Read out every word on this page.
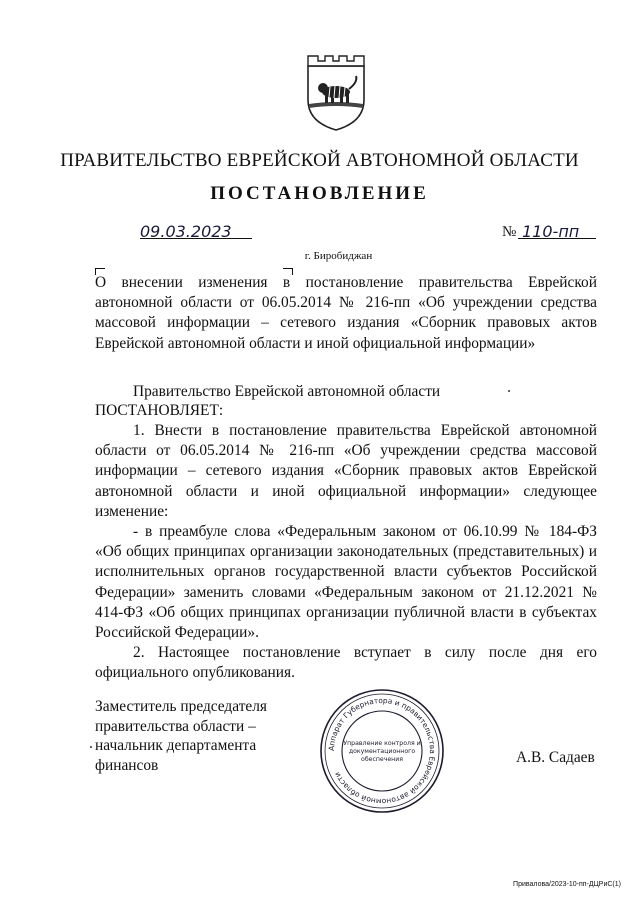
ПРАВИТЕЛЬСТВО ЕВРЕЙСКОЙ АВТОНОМНОЙ ОБЛАСТИ
ПОСТАНОВЛЕНИЕ
09.03.2023	№ 110-пп
г. Биробиджан
О внесении изменения в постановление правительства Еврейской автономной области от 06.05.2014 № 216-пп «Об учреждении средства массовой информации – сетевого издания «Сборник правовых актов Еврейской автономной области и иной официальной информации»
Правительство Еврейской автономной области
ПОСТАНОВЛЯЕТ:
1. Внести в постановление правительства Еврейской автономной области от 06.05.2014 № 216-пп «Об учреждении средства массовой информации – сетевого издания «Сборник правовых актов Еврейской автономной области и иной официальной информации» следующее изменение:
- в преамбуле слова «Федеральным законом от 06.10.99 № 184-ФЗ «Об общих принципах организации законодательных (представительных) и исполнительных органов государственной власти субъектов Российской Федерации» заменить словами «Федеральным законом от 21.12.2021 № 414-ФЗ «Об общих принципах организации публичной власти в субъектах Российской Федерации».
2. Настоящее постановление вступает в силу после дня его официального опубликования.
Заместитель председателя
правительства области –
начальник департамента
финансов
Аппарат Губернатора и правительства Еврейской автономной области
Управление контроля и
документационного
обеспечения	А.В. Садаев
Привалова/2023-10-пп-ДЦРиС(1)
